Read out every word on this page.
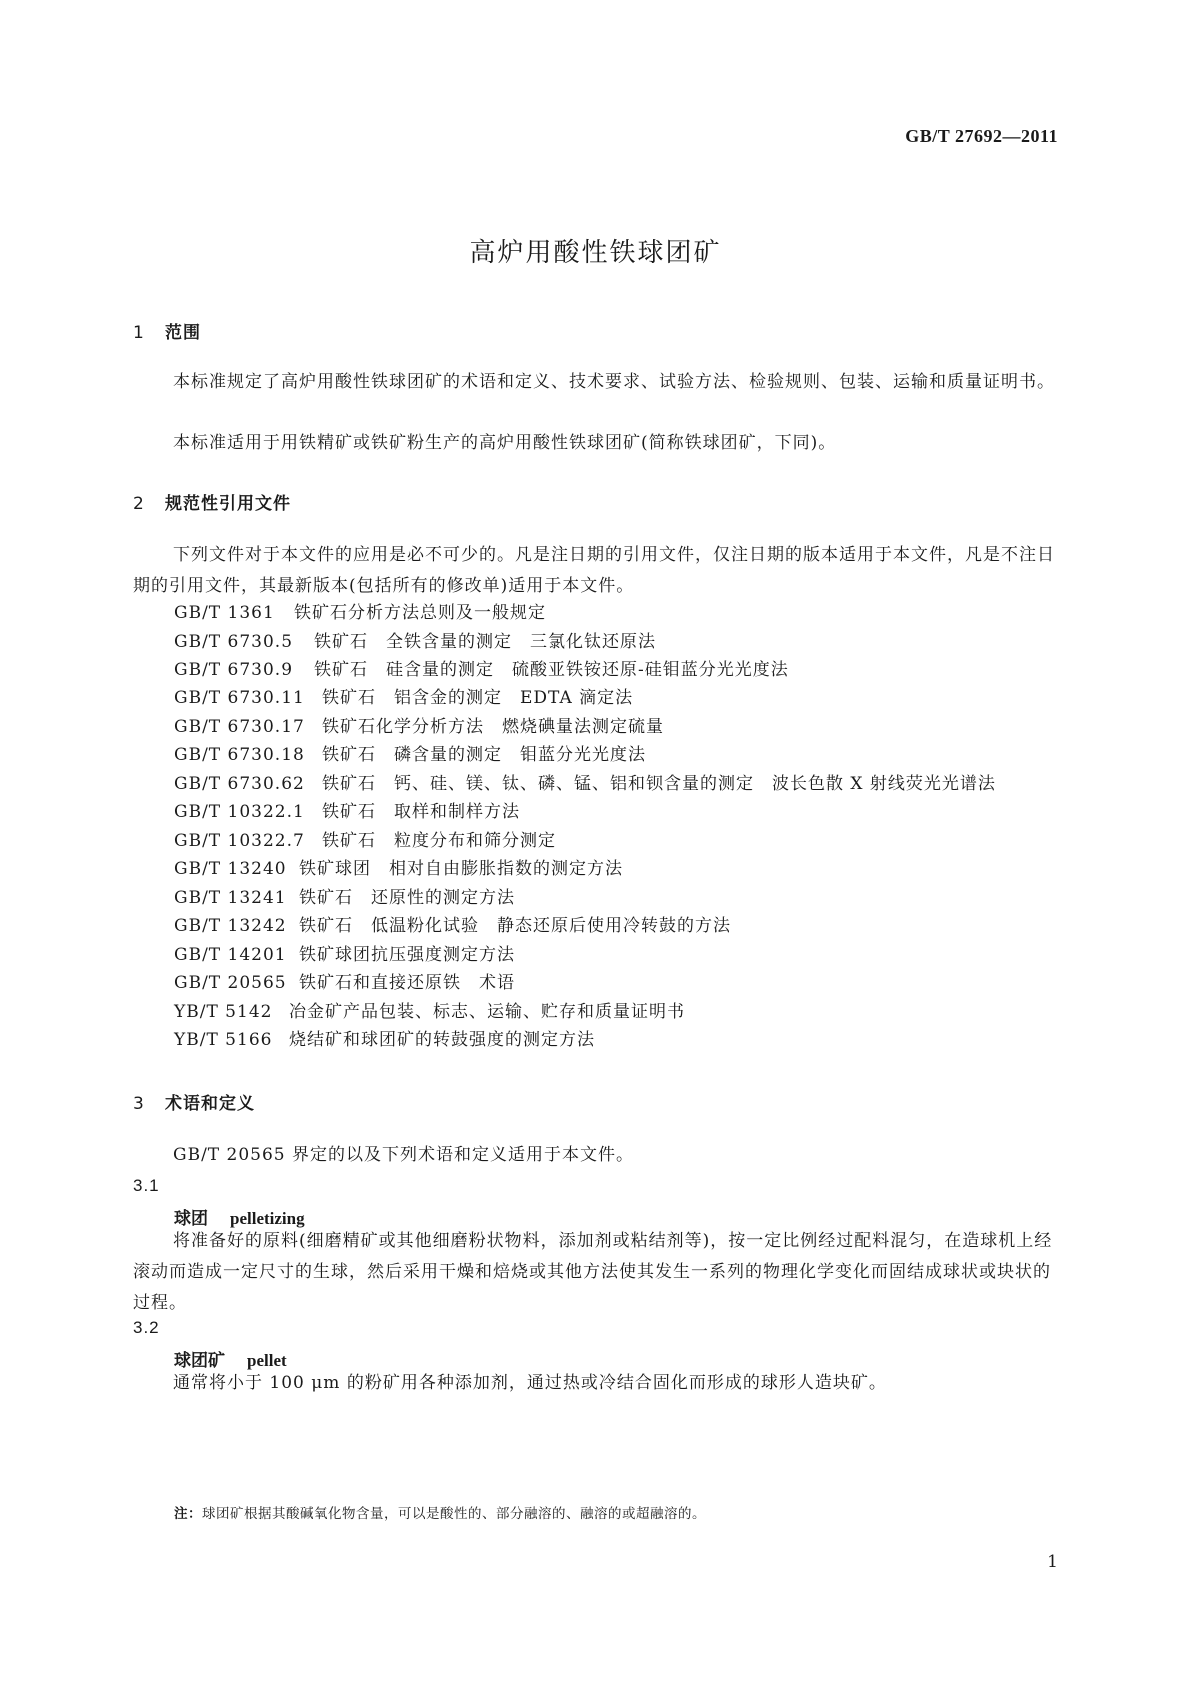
GB/T 27692—2011
高炉用酸性铁球团矿
1 范围

本标准规定了高炉用酸性铁球团矿的术语和定义、技术要求、试验方法、检验规则、包装、运输和质量证明书。

本标准适用于用铁精矿或铁矿粉生产的高炉用酸性铁球团矿(简称铁球团矿，下同)。

2 规范性引用文件

下列文件对于本文件的应用是必不可少的。凡是注日期的引用文件，仅注日期的版本适用于本文件，凡是不注日期的引用文件，其最新版本(包括所有的修改单)适用于本文件。

GB/T 1361 铁矿石分析方法总则及一般规定

GB/T 6730.5 铁矿石 全铁含量的测定 三氯化钛还原法

GB/T 6730.9 铁矿石 硅含量的测定 硫酸亚铁铵还原-硅钼蓝分光光度法

GB/T 6730.11 铁矿石 铝含金的测定 EDTA 滴定法

GB/T 6730.17 铁矿石化学分析方法 燃烧碘量法测定硫量

GB/T 6730.18 铁矿石 磷含量的测定 钼蓝分光光度法

GB/T 6730.62 铁矿石 钙、硅、镁、钛、磷、锰、铝和钡含量的测定 波长色散 X 射线荧光光谱法

GB/T 10322.1 铁矿石 取样和制样方法

GB/T 10322.7 铁矿石 粒度分布和筛分测定

GB/T 13240 铁矿球团 相对自由膨胀指数的测定方法

GB/T 13241 铁矿石 还原性的测定方法

GB/T 13242 铁矿石 低温粉化试验 静态还原后使用冷转鼓的方法

GB/T 14201 铁矿球团抗压强度测定方法

GB/T 20565 铁矿石和直接还原铁 术语

YB/T 5142 冶金矿产品包装、标志、运输、贮存和质量证明书

YB/T 5166 烧结矿和球团矿的转鼓强度的测定方法

3 术语和定义

GB/T 20565 界定的以及下列术语和定义适用于本文件。

3.1

球团 pelletizing

将准备好的原料(细磨精矿或其他细磨粉状物料，添加剂或粘结剂等)，按一定比例经过配料混匀，在造球机上经滚动而造成一定尺寸的生球，然后采用干燥和焙烧或其他方法使其发生一系列的物理化学变化而固结成球状或块状的过程。

3.2

球团矿 pellet

通常将小于 100 μm 的粉矿用各种添加剂，通过热或冷结合固化而形成的球形人造块矿。

注：球团矿根据其酸碱氧化物含量，可以是酸性的、部分融溶的、融溶的或超融溶的。

1
